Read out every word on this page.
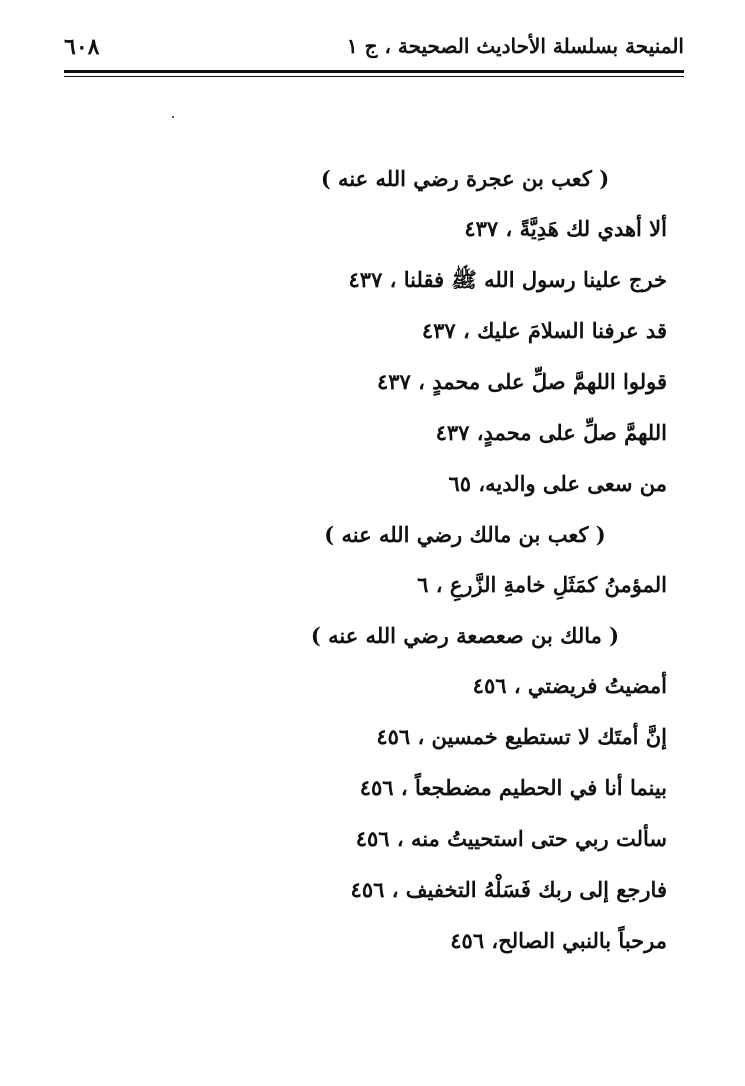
٦٠٨	المنيحة بسلسلة الأحاديث الصحيحة ، ج ١
( كعب بن عجرة رضي الله عنه )
ألا أهدي لك هَدِيَّةً ، ٤٣٧
خرج علينا رسول الله ﷺ فقلنا ، ٤٣٧
قد عرفنا السلامَ عليك ، ٤٣٧
قولوا اللهمَّ صلِّ على محمدٍ ، ٤٣٧
اللهمَّ صلِّ على محمدٍ، ٤٣٧
من سعى على والديه، ٦٥
( كعب بن مالك رضي الله عنه )
المؤمنُ كمَثَلِ خامةِ الزَّرعِ ، ٦
( مالك بن صعصعة رضي الله عنه )
أمضيتُ فريضتي ، ٤٥٦
إنَّ أمتَك لا تستطيع خمسين ، ٤٥٦
بينما أنا في الحطيم مضطجعاً ، ٤٥٦
سألت ربي حتى استحييتُ منه ، ٤٥٦
فارجع إلى ربك فَسَلْهُ التخفيف ، ٤٥٦
مرحباً بالنبي الصالح، ٤٥٦
